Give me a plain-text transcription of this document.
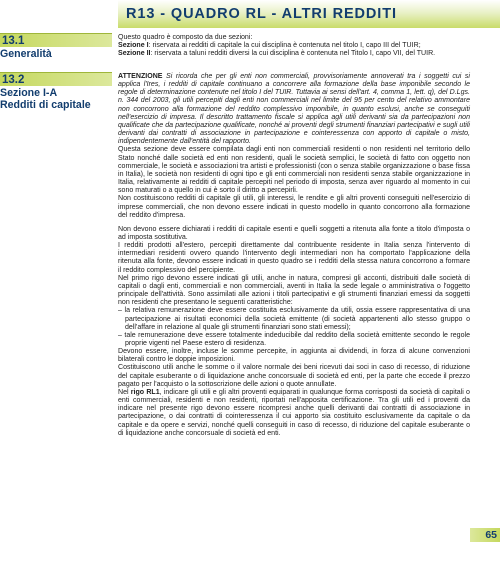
R13 - QUADRO RL - ALTRI REDDITI
13.1
Generalità
13.2
Sezione I-A
Redditi di capitale

Questo quadro è composto da due sezioni:

Sezione I: riservata ai redditi di capitale la cui disciplina è contenuta nel titolo I, capo III del TUIR;

Sezione II: riservata a taluni redditi diversi la cui disciplina è contenuta nel Titolo I, capo VII, del TUIR.

ATTENZIONE Si ricorda che per gli enti non commerciali, provvisoriamente annoverati tra i soggetti cui si applica l'Ires, i redditi di capitale continuano a concorrere alla formazione della base imponibile secondo le regole di determinazione contenute nel titolo I del TUIR. Tuttavia ai sensi dell'art. 4, comma 1, lett. q), del D.Lgs. n. 344 del 2003, gli utili percepiti dagli enti non commerciali nel limite del 95 per cento del relativo ammontare non concorrono alla formazione del reddito complessivo imponibile, in quanto esclusi, anche se conseguiti nell'esercizio di impresa. Il descritto trattamento fiscale si applica agli utili derivanti sia da partecipazioni non qualificate che da partecipazione qualificate, nonché ai proventi degli strumenti finanziari partecipativi e sugli utili derivanti dai contratti di associazione in partecipazione e cointeressenza con apporto di capitale o misto, indipendentemente dall'entità del rapporto.

Questa sezione deve essere compilata dagli enti non commerciali residenti o non residenti nel territorio dello Stato nonché dalle società ed enti non residenti, quali le società semplici, le società di fatto con oggetto non commerciale, le società e associazioni tra artisti e professionisti (con o senza stabile organizzazione o base fissa in Italia), le società non residenti di ogni tipo e gli enti commerciali non residenti senza stabile organizzazione in Italia, relativamente ai redditi di capitale percepiti nel periodo di imposta, senza aver riguardo al momento in cui sono maturati o a quello in cui è sorto il diritto a percepirli.

Non costituiscono redditi di capitale gli utili, gli interessi, le rendite e gli altri proventi conseguiti nell'esercizio di imprese commerciali, che non devono essere indicati in questo modello in quanto concorrono alla formazione del reddito d'impresa.

Non devono essere dichiarati i redditi di capitale esenti e quelli soggetti a ritenuta alla fonte a titolo d'imposta o ad imposta sostitutiva.

I redditi prodotti all'estero, percepiti direttamente dal contribuente residente in Italia senza l'intervento di intermediari residenti ovvero quando l'intervento degli intermediari non ha comportato l'applicazione della ritenuta alla fonte, devono essere indicati in questo quadro se i redditi della stessa natura concorrono a formare il reddito complessivo del percipiente.

Nel primo rigo devono essere indicati gli utili, anche in natura, compresi gli acconti, distribuiti dalle società di capitali o dagli enti, commerciali e non commerciali, aventi in Italia la sede legale o amministrativa o l'oggetto principale dell'attività. Sono assimilati alle azioni i titoli partecipativi e gli strumenti finanziari emessi da soggetti non residenti che presentano le seguenti caratteristiche:

– la relativa remunerazione deve essere costituita esclusivamente da utili, ossia essere rappresentativa di una partecipazione ai risultati economici della società emittente (di società appartenenti allo stesso gruppo o dell'affare in relazione al quale gli strumenti finanziari sono stati emessi);

– tale remunerazione deve essere totalmente indeducibile dal reddito della società emittente secondo le regole proprie vigenti nel Paese estero di residenza.

Devono essere, inoltre, incluse le somme percepite, in aggiunta ai dividendi, in forza di alcune convenzioni bilaterali contro le doppie imposizioni.

Costituiscono utili anche le somme o il valore normale dei beni ricevuti dai soci in caso di recesso, di riduzione del capitale esuberante o di liquidazione anche concorsuale di società ed enti, per la parte che eccede il prezzo pagato per l'acquisto o la sottoscrizione delle azioni o quote annullate.

Nel rigo RL1, indicare gli utili e gli altri proventi equiparati in qualunque forma corrisposti da società di capitali o enti commerciali, residenti e non residenti, riportati nell'apposita certificazione. Tra gli utili ed i proventi da indicare nel presente rigo devono essere ricompresi anche quelli derivanti dai contratti di associazione in partecipazione, o dai contratti di cointeressenza il cui apporto sia costituito esclusivamente da capitale o da capitale e da opere e servizi, nonché quelli conseguiti in caso di recesso, di riduzione del capitale esuberante o di liquidazione anche concorsuale di società ed enti.

65
